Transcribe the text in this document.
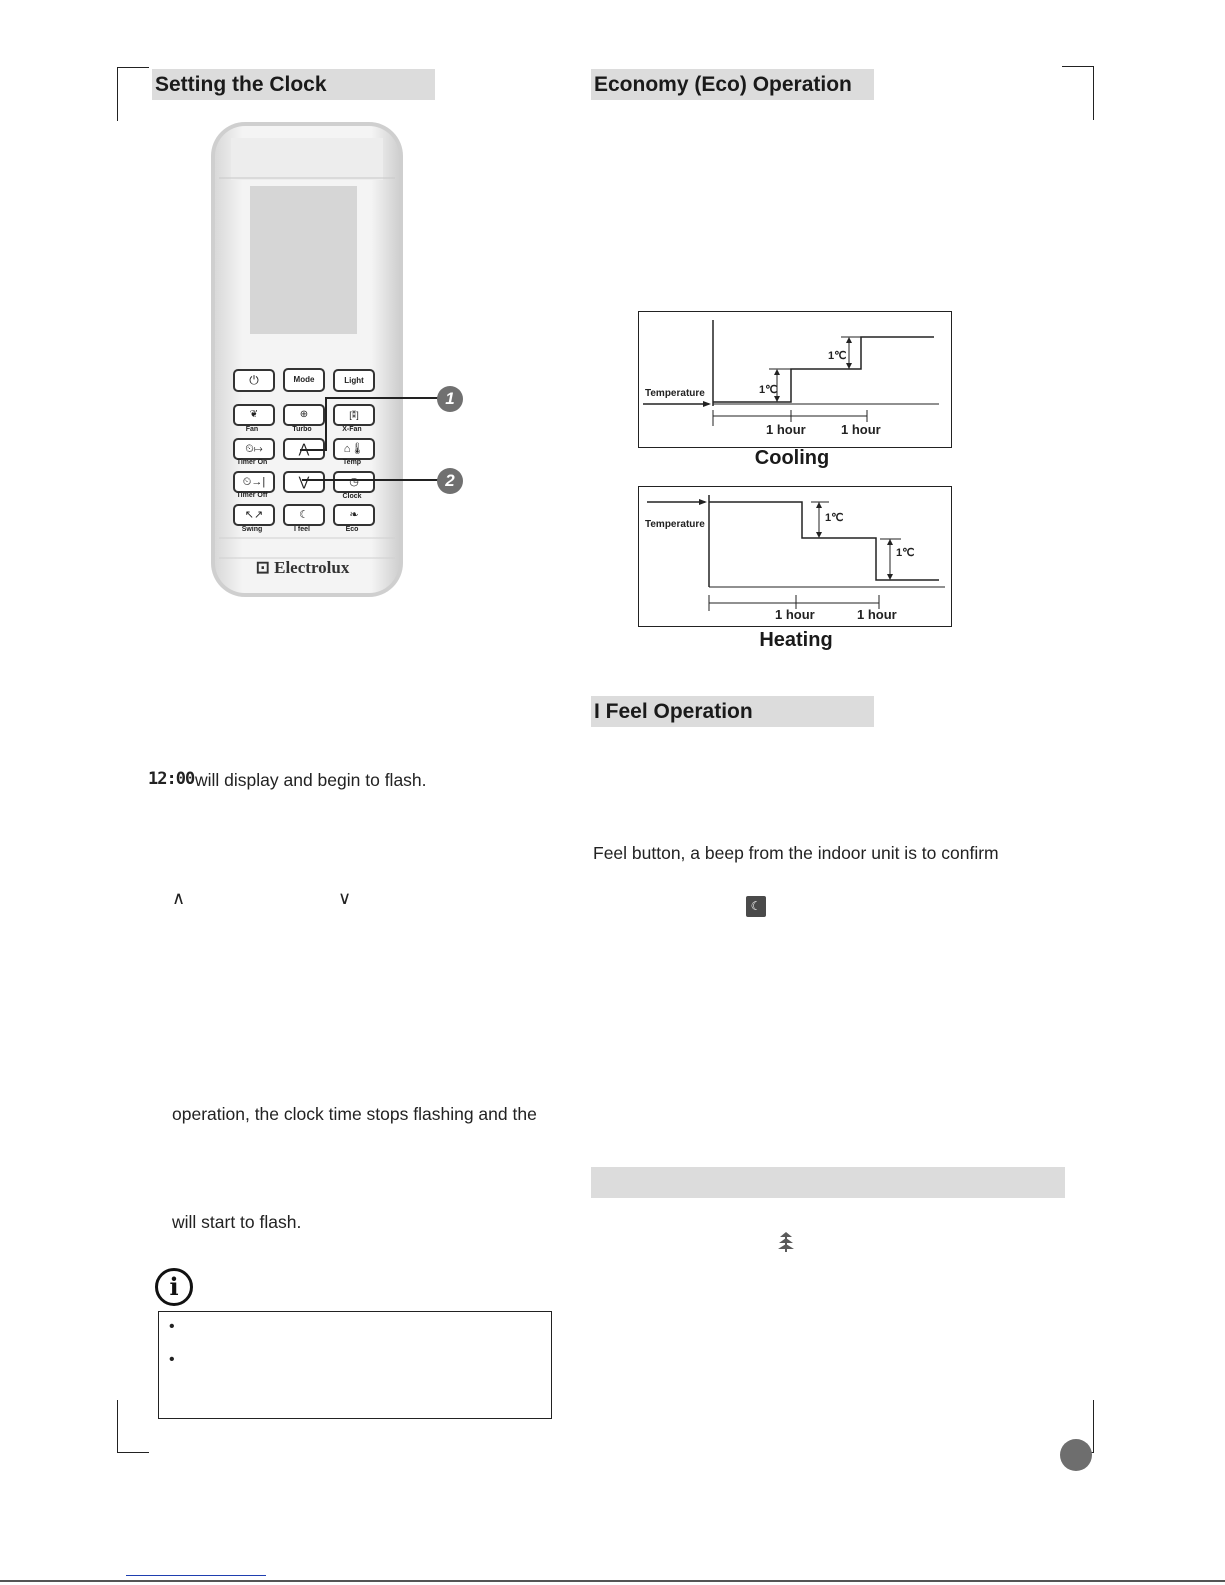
Setting the Clock
⏻	Mode	Light
❦	⊕	[⁑]
Fan	Turbo	X-Fan
⏲↦	⋀	⌂🌡
Timer On	Temp
⏲→|	⋁	◷
Timer Off	Clock
↖↗	☾	❧
Swing	I feel	Eco
⊡ Electrolux
1
2
12:00 will display and begin to flash.
∧	∨
operation, the clock time stops flashing and the
will start to flash.
i
•
•
Economy (Eco) Operation
Temperature	1℃
1℃
1 hour	1 hour
Cooling
Temperature
1℃
1℃
1 hour	1 hour
Heating
I Feel Operation
Feel button, a beep from the indoor unit is to confirm
☾
